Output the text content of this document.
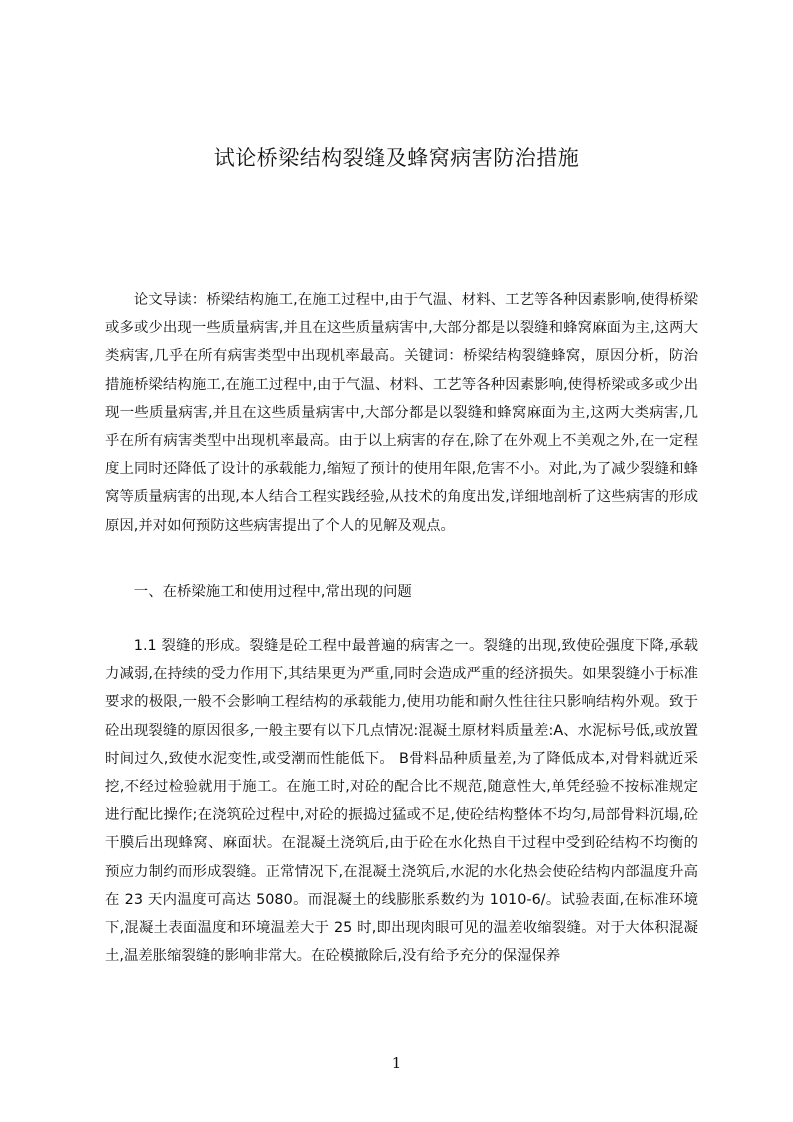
试论桥梁结构裂缝及蜂窝病害防治措施

论文导读：桥梁结构施工,在施工过程中,由于气温、材料、工艺等各种因素影响,使得桥梁或多或少出现一些质量病害,并且在这些质量病害中,大部分都是以裂缝和蜂窝麻面为主,这两大类病害,几乎在所有病害类型中出现机率最高。关键词：桥梁结构裂缝蜂窝，原因分析，防治措施桥梁结构施工,在施工过程中,由于气温、材料、工艺等各种因素影响,使得桥梁或多或少出现一些质量病害,并且在这些质量病害中,大部分都是以裂缝和蜂窝麻面为主,这两大类病害,几乎在所有病害类型中出现机率最高。由于以上病害的存在,除了在外观上不美观之外,在一定程度上同时还降低了设计的承载能力,缩短了预计的使用年限,危害不小。对此,为了减少裂缝和蜂窝等质量病害的出现,本人结合工程实践经验,从技术的角度出发,详细地剖析了这些病害的形成原因,并对如何预防这些病害提出了个人的见解及观点。

一、在桥梁施工和使用过程中,常出现的问题

1.1 裂缝的形成。裂缝是砼工程中最普遍的病害之一。裂缝的出现,致使砼强度下降,承载力减弱,在持续的受力作用下,其结果更为严重,同时会造成严重的经济损失。如果裂缝小于标准要求的极限,一般不会影响工程结构的承载能力,使用功能和耐久性往往只影响结构外观。致于砼出现裂缝的原因很多,一般主要有以下几点情况:混凝土原材料质量差:A、水泥标号低,或放置时间过久,致使水泥变性,或受潮而性能低下。 B骨料品种质量差,为了降低成本,对骨料就近采挖,不经过检验就用于施工。在施工时,对砼的配合比不规范,随意性大,单凭经验不按标准规定进行配比操作;在浇筑砼过程中,对砼的振捣过猛或不足,使砼结构整体不均匀,局部骨料沉塌,砼干膜后出现蜂窝、麻面状。在混凝土浇筑后,由于砼在水化热自干过程中受到砼结构不均衡的预应力制约而形成裂缝。正常情况下,在混凝土浇筑后,水泥的水化热会使砼结构内部温度升高在 23 天内温度可高达 5080。而混凝土的线膨胀系数约为 1010-6/。试验表面,在标准环境下,混凝土表面温度和环境温差大于 25 时,即出现肉眼可见的温差收缩裂缝。对于大体积混凝土,温差胀缩裂缝的影响非常大。在砼模撤除后,没有给予充分的保湿保养

1
